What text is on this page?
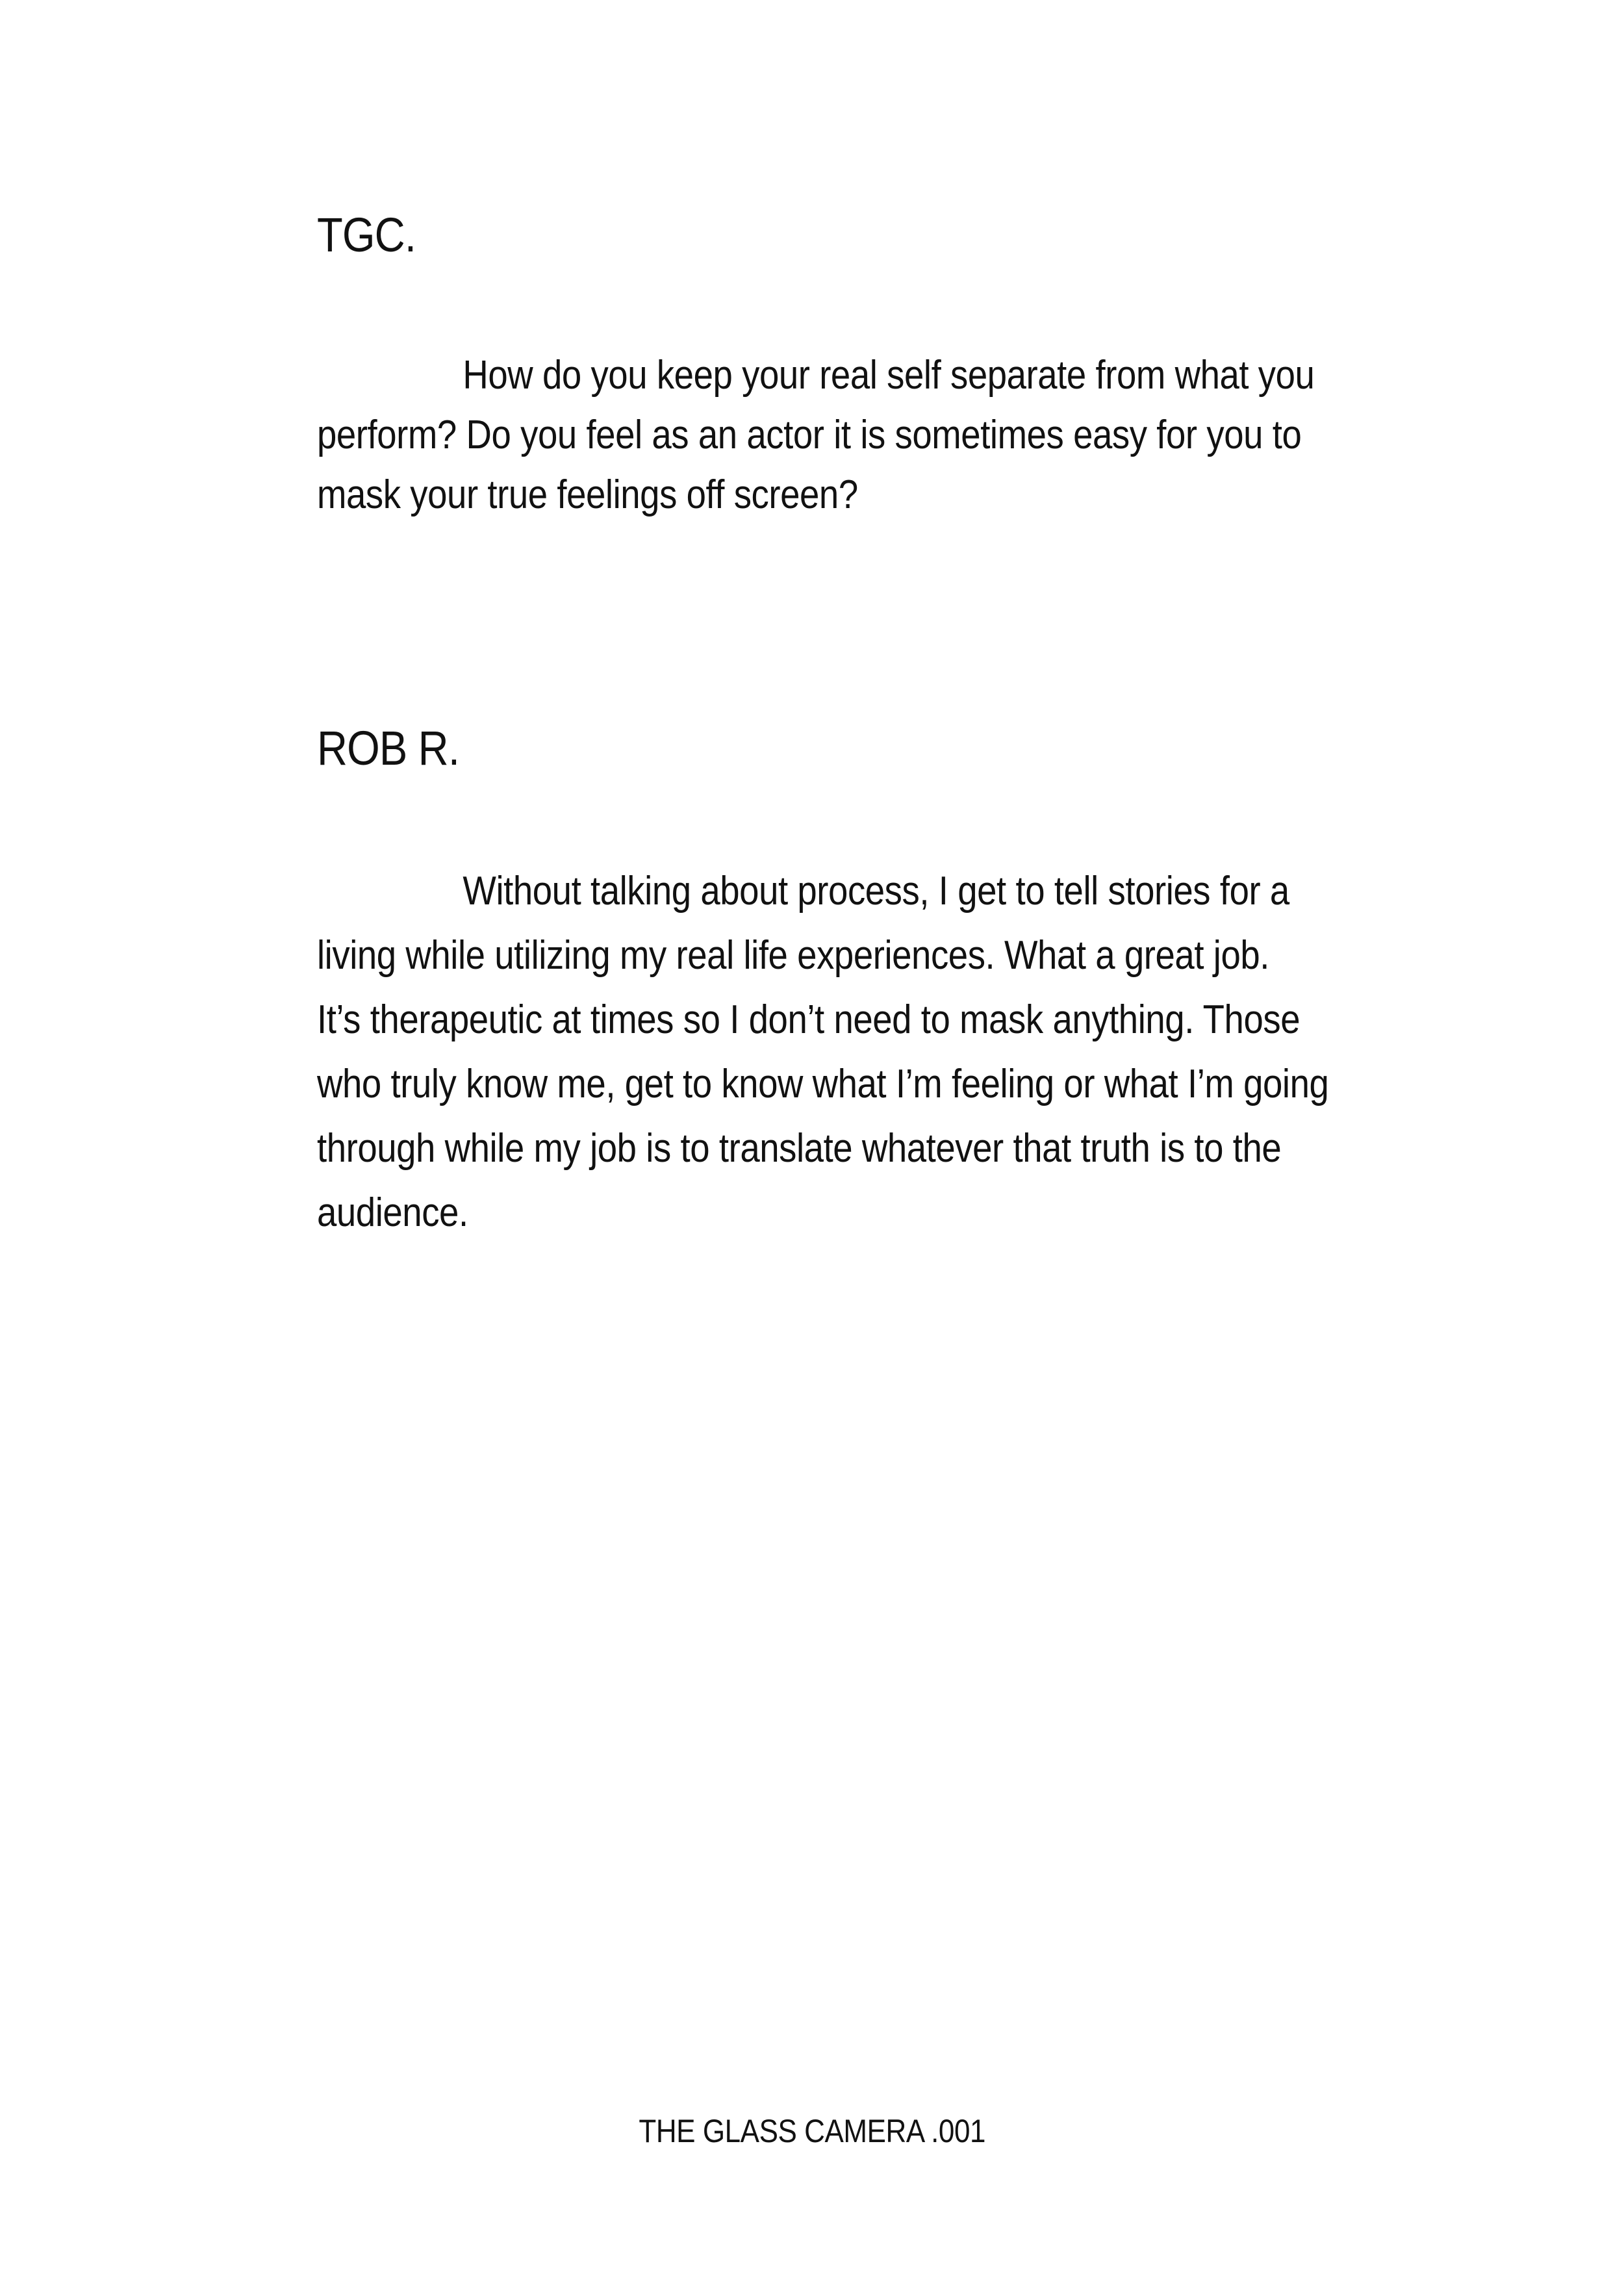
TGC.

How do you keep your real self separate from what you

perform? Do you feel as an actor it is sometimes easy for you to

mask your true feelings off screen?

ROB R.

Without talking about process, I get to tell stories for a

living while utilizing my real life experiences. What a great job.

It’s therapeutic at times so I don’t need to mask anything. Those

who truly know me, get to know what I’m feeling or what I’m going

through while my job is to translate whatever that truth is to the

audience.

THE GLASS CAMERA .001
